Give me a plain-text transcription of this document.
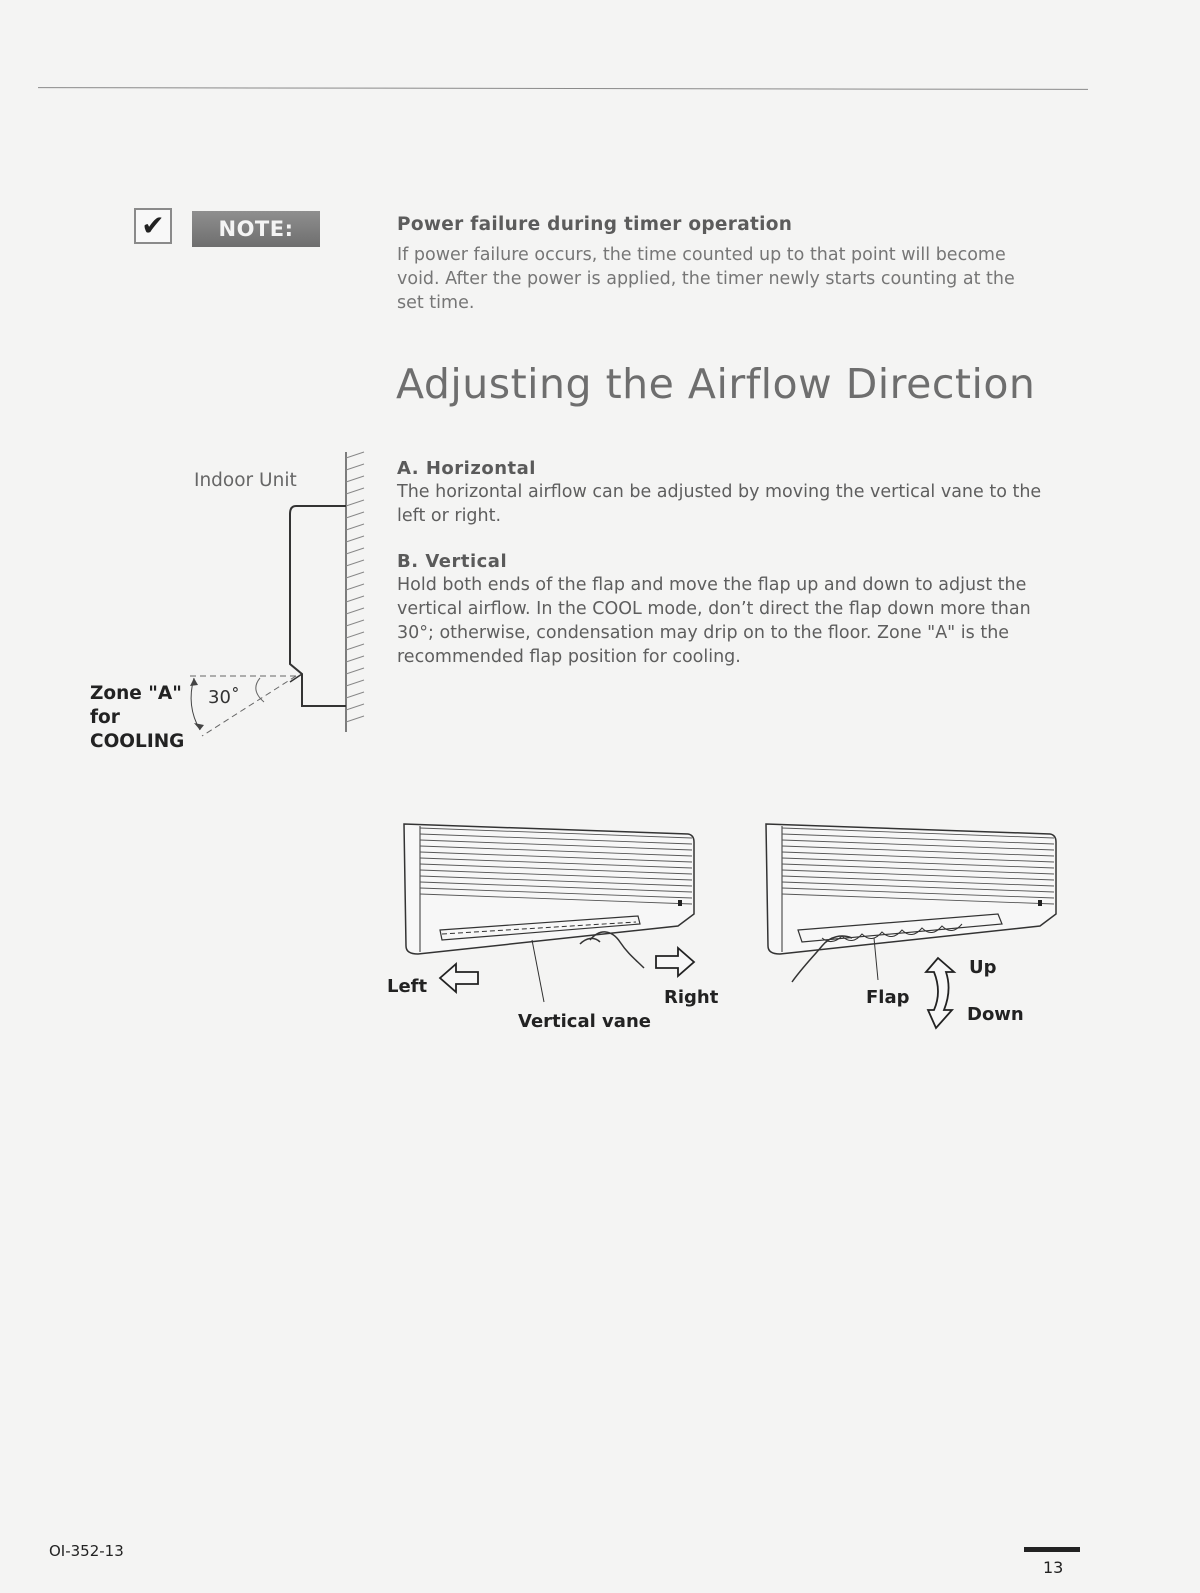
✔	NOTE:	Power failure during timer operation
If power failure occurs, the time counted up to that point will become
void. After the power is applied, the timer newly starts counting at the
set time.
Adjusting the Airflow Direction
A. Horizontal
The horizontal airflow can be adjusted by moving the vertical vane to the
left or right.
B. Vertical
Hold both ends of the flap and move the flap up and down to adjust the
vertical airflow. In the COOL mode, don’t direct the flap down more than
30°; otherwise, condensation may drip on to the floor. Zone "A" is the
recommended flap position for cooling.
Indoor Unit
30˚
Zone "A"
for
COOLING
Left
Right
Vertical vane
Flap
Up
Down
OI-352-13
13
